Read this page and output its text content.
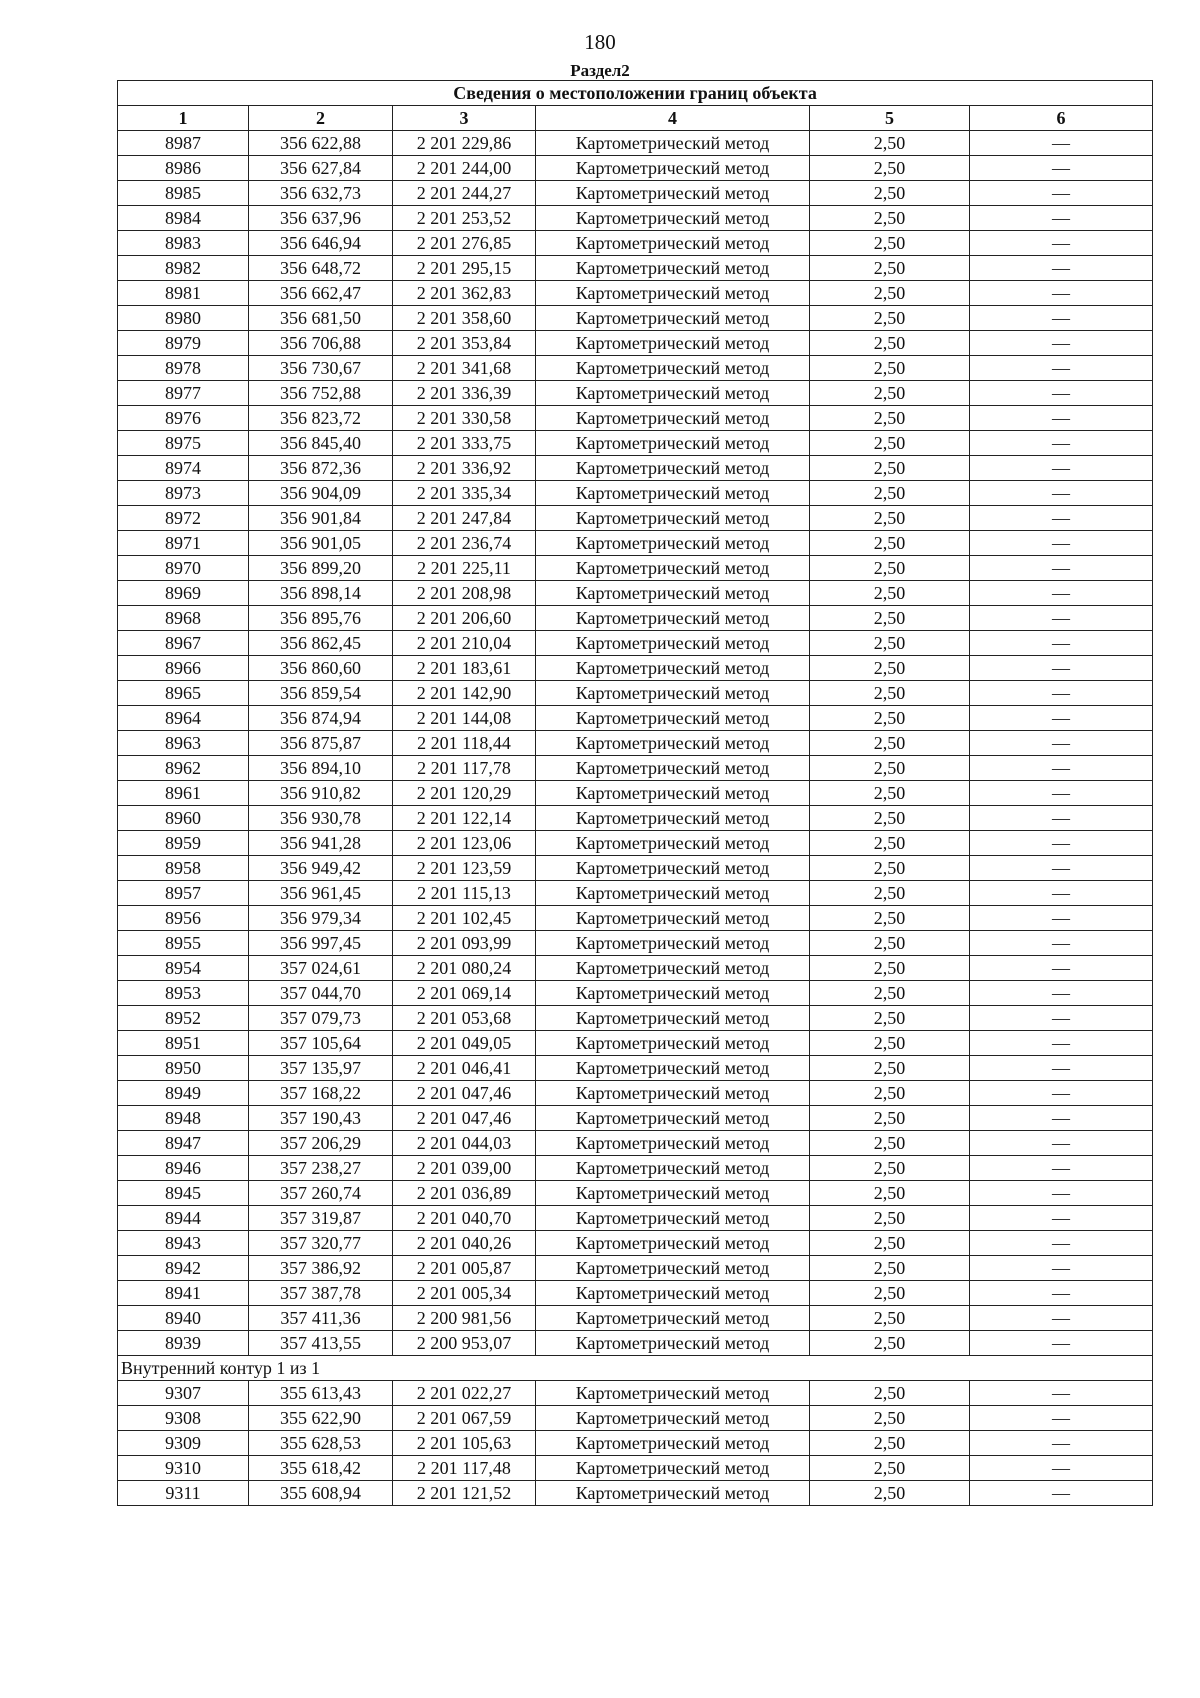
180
Раздел2
Сведения о местоположении границ объекта					
1	2	3	4	5	6
8987	356 622,88	2 201 229,86	Картометрический метод	2,50	—
8986	356 627,84	2 201 244,00	Картометрический метод	2,50	—
8985	356 632,73	2 201 244,27	Картометрический метод	2,50	—
8984	356 637,96	2 201 253,52	Картометрический метод	2,50	—
8983	356 646,94	2 201 276,85	Картометрический метод	2,50	—
8982	356 648,72	2 201 295,15	Картометрический метод	2,50	—
8981	356 662,47	2 201 362,83	Картометрический метод	2,50	—
8980	356 681,50	2 201 358,60	Картометрический метод	2,50	—
8979	356 706,88	2 201 353,84	Картометрический метод	2,50	—
8978	356 730,67	2 201 341,68	Картометрический метод	2,50	—
8977	356 752,88	2 201 336,39	Картометрический метод	2,50	—
8976	356 823,72	2 201 330,58	Картометрический метод	2,50	—
8975	356 845,40	2 201 333,75	Картометрический метод	2,50	—
8974	356 872,36	2 201 336,92	Картометрический метод	2,50	—
8973	356 904,09	2 201 335,34	Картометрический метод	2,50	—
8972	356 901,84	2 201 247,84	Картометрический метод	2,50	—
8971	356 901,05	2 201 236,74	Картометрический метод	2,50	—
8970	356 899,20	2 201 225,11	Картометрический метод	2,50	—
8969	356 898,14	2 201 208,98	Картометрический метод	2,50	—
8968	356 895,76	2 201 206,60	Картометрический метод	2,50	—
8967	356 862,45	2 201 210,04	Картометрический метод	2,50	—
8966	356 860,60	2 201 183,61	Картометрический метод	2,50	—
8965	356 859,54	2 201 142,90	Картометрический метод	2,50	—
8964	356 874,94	2 201 144,08	Картометрический метод	2,50	—
8963	356 875,87	2 201 118,44	Картометрический метод	2,50	—
8962	356 894,10	2 201 117,78	Картометрический метод	2,50	—
8961	356 910,82	2 201 120,29	Картометрический метод	2,50	—
8960	356 930,78	2 201 122,14	Картометрический метод	2,50	—
8959	356 941,28	2 201 123,06	Картометрический метод	2,50	—
8958	356 949,42	2 201 123,59	Картометрический метод	2,50	—
8957	356 961,45	2 201 115,13	Картометрический метод	2,50	—
8956	356 979,34	2 201 102,45	Картометрический метод	2,50	—
8955	356 997,45	2 201 093,99	Картометрический метод	2,50	—
8954	357 024,61	2 201 080,24	Картометрический метод	2,50	—
8953	357 044,70	2 201 069,14	Картометрический метод	2,50	—
8952	357 079,73	2 201 053,68	Картометрический метод	2,50	—
8951	357 105,64	2 201 049,05	Картометрический метод	2,50	—
8950	357 135,97	2 201 046,41	Картометрический метод	2,50	—
8949	357 168,22	2 201 047,46	Картометрический метод	2,50	—
8948	357 190,43	2 201 047,46	Картометрический метод	2,50	—
8947	357 206,29	2 201 044,03	Картометрический метод	2,50	—
8946	357 238,27	2 201 039,00	Картометрический метод	2,50	—
8945	357 260,74	2 201 036,89	Картометрический метод	2,50	—
8944	357 319,87	2 201 040,70	Картометрический метод	2,50	—
8943	357 320,77	2 201 040,26	Картометрический метод	2,50	—
8942	357 386,92	2 201 005,87	Картометрический метод	2,50	—
8941	357 387,78	2 201 005,34	Картометрический метод	2,50	—
8940	357 411,36	2 200 981,56	Картометрический метод	2,50	—
8939	357 413,55	2 200 953,07	Картометрический метод	2,50	—
Внутренний контур 1 из 1					
9307	355 613,43	2 201 022,27	Картометрический метод	2,50	—
9308	355 622,90	2 201 067,59	Картометрический метод	2,50	—
9309	355 628,53	2 201 105,63	Картометрический метод	2,50	—
9310	355 618,42	2 201 117,48	Картометрический метод	2,50	—
9311	355 608,94	2 201 121,52	Картометрический метод	2,50	—
